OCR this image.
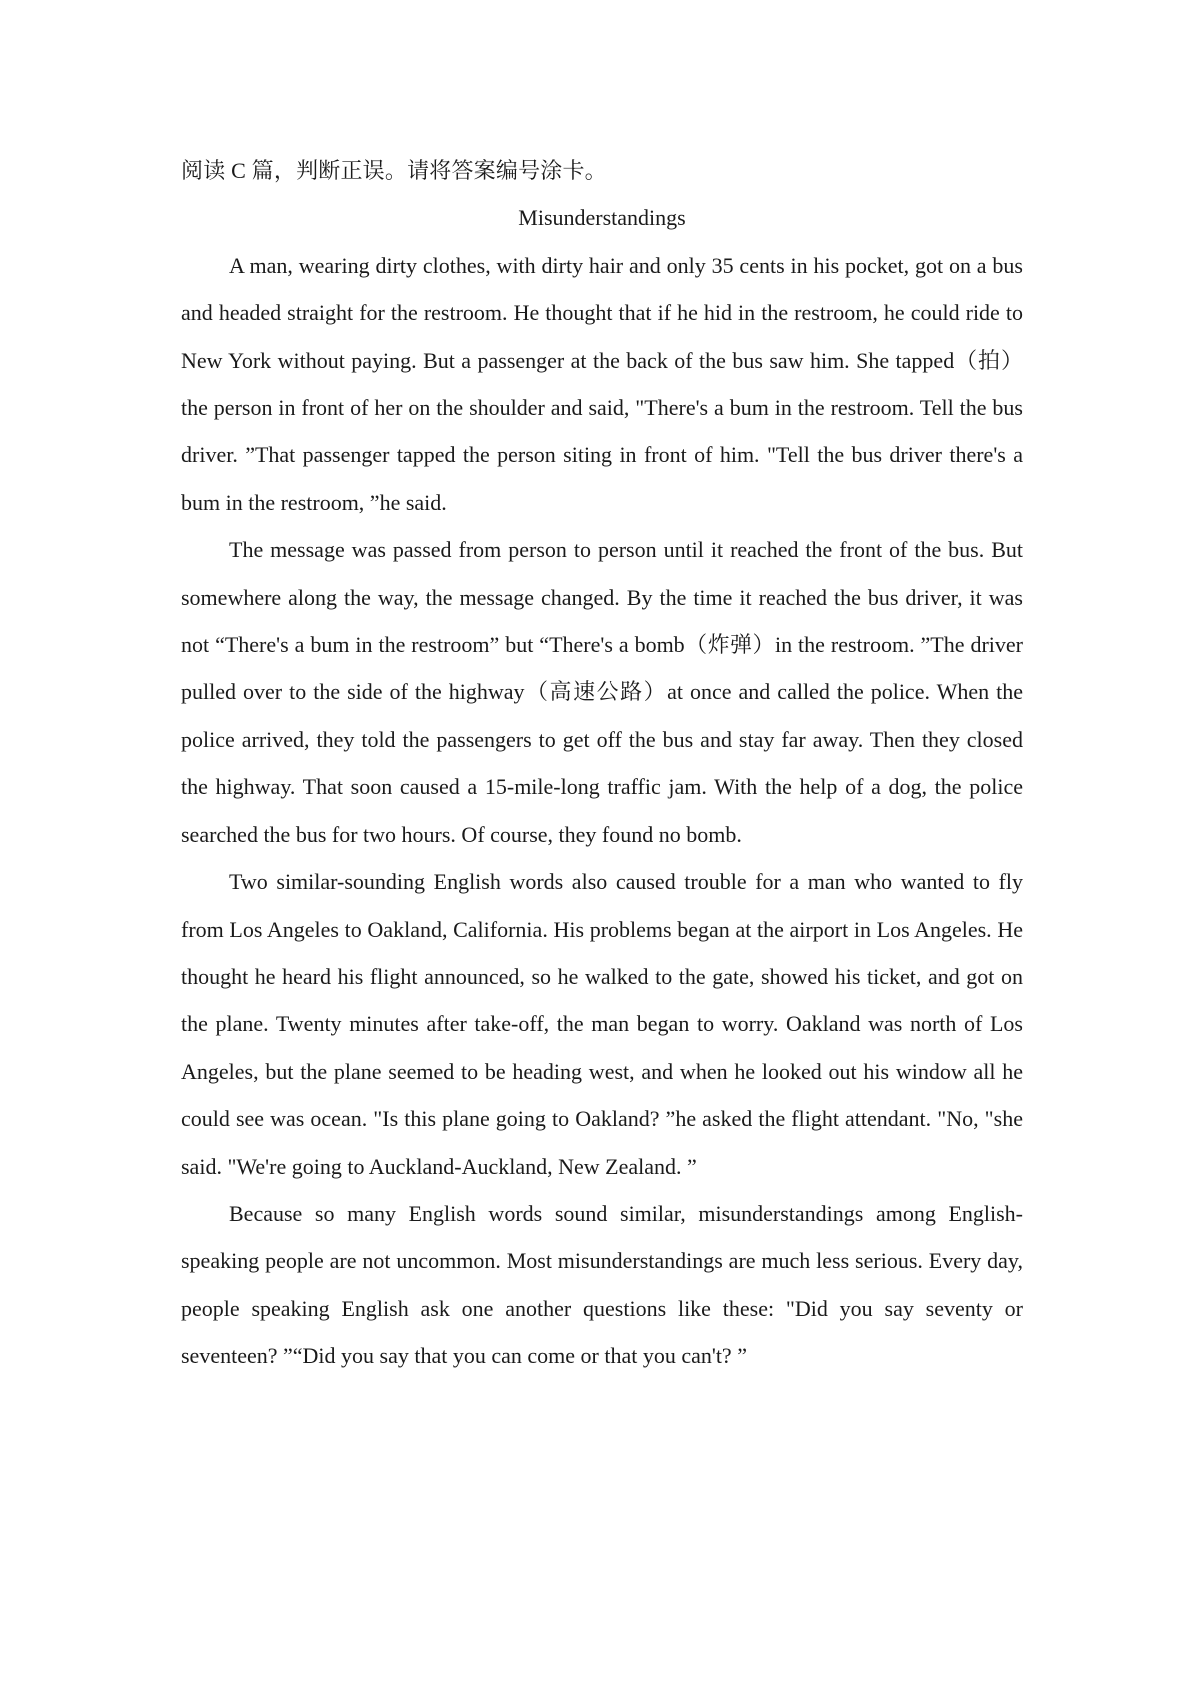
阅读 C 篇，判断正误。请将答案编号涂卡。

Misunderstandings

A man, wearing dirty clothes, with dirty hair and only 35 cents in his pocket, got on a bus and headed straight for the restroom. He thought that if he hid in the restroom, he could ride to New York without paying. But a passenger at the back of the bus saw him. She tapped（拍）the person in front of her on the shoulder and said, "There's a bum in the restroom. Tell the bus driver. ”That passenger tapped the person siting in front of him. "Tell the bus driver there's a bum in the restroom, ”he said.

The message was passed from person to person until it reached the front of the bus. But somewhere along the way, the message changed. By the time it reached the bus driver, it was not “There's a bum in the restroom” but “There's a bomb（炸弹）in the restroom. ”The driver pulled over to the side of the highway（高速公路）at once and called the police. When the police arrived, they told the passengers to get off the bus and stay far away. Then they closed the highway. That soon caused a 15-mile-long traffic jam. With the help of a dog, the police searched the bus for two hours. Of course, they found no bomb.

Two similar-sounding English words also caused trouble for a man who wanted to fly from Los Angeles to Oakland, California. His problems began at the airport in Los Angeles. He thought he heard his flight announced, so he walked to the gate, showed his ticket, and got on the plane. Twenty minutes after take-off, the man began to worry. Oakland was north of Los Angeles, but the plane seemed to be heading west, and when he looked out his window all he could see was ocean. "Is this plane going to Oakland? ”he asked the flight attendant. "No, "she said. "We're going to Auckland-Auckland, New Zealand. ”

Because so many English words sound similar, misunderstandings among English-speaking people are not uncommon. Most misunderstandings are much less serious. Every day, people speaking English ask one another questions like these: "Did you say seventy or seventeen? ”“Did you say that you can come or that you can't? ”
